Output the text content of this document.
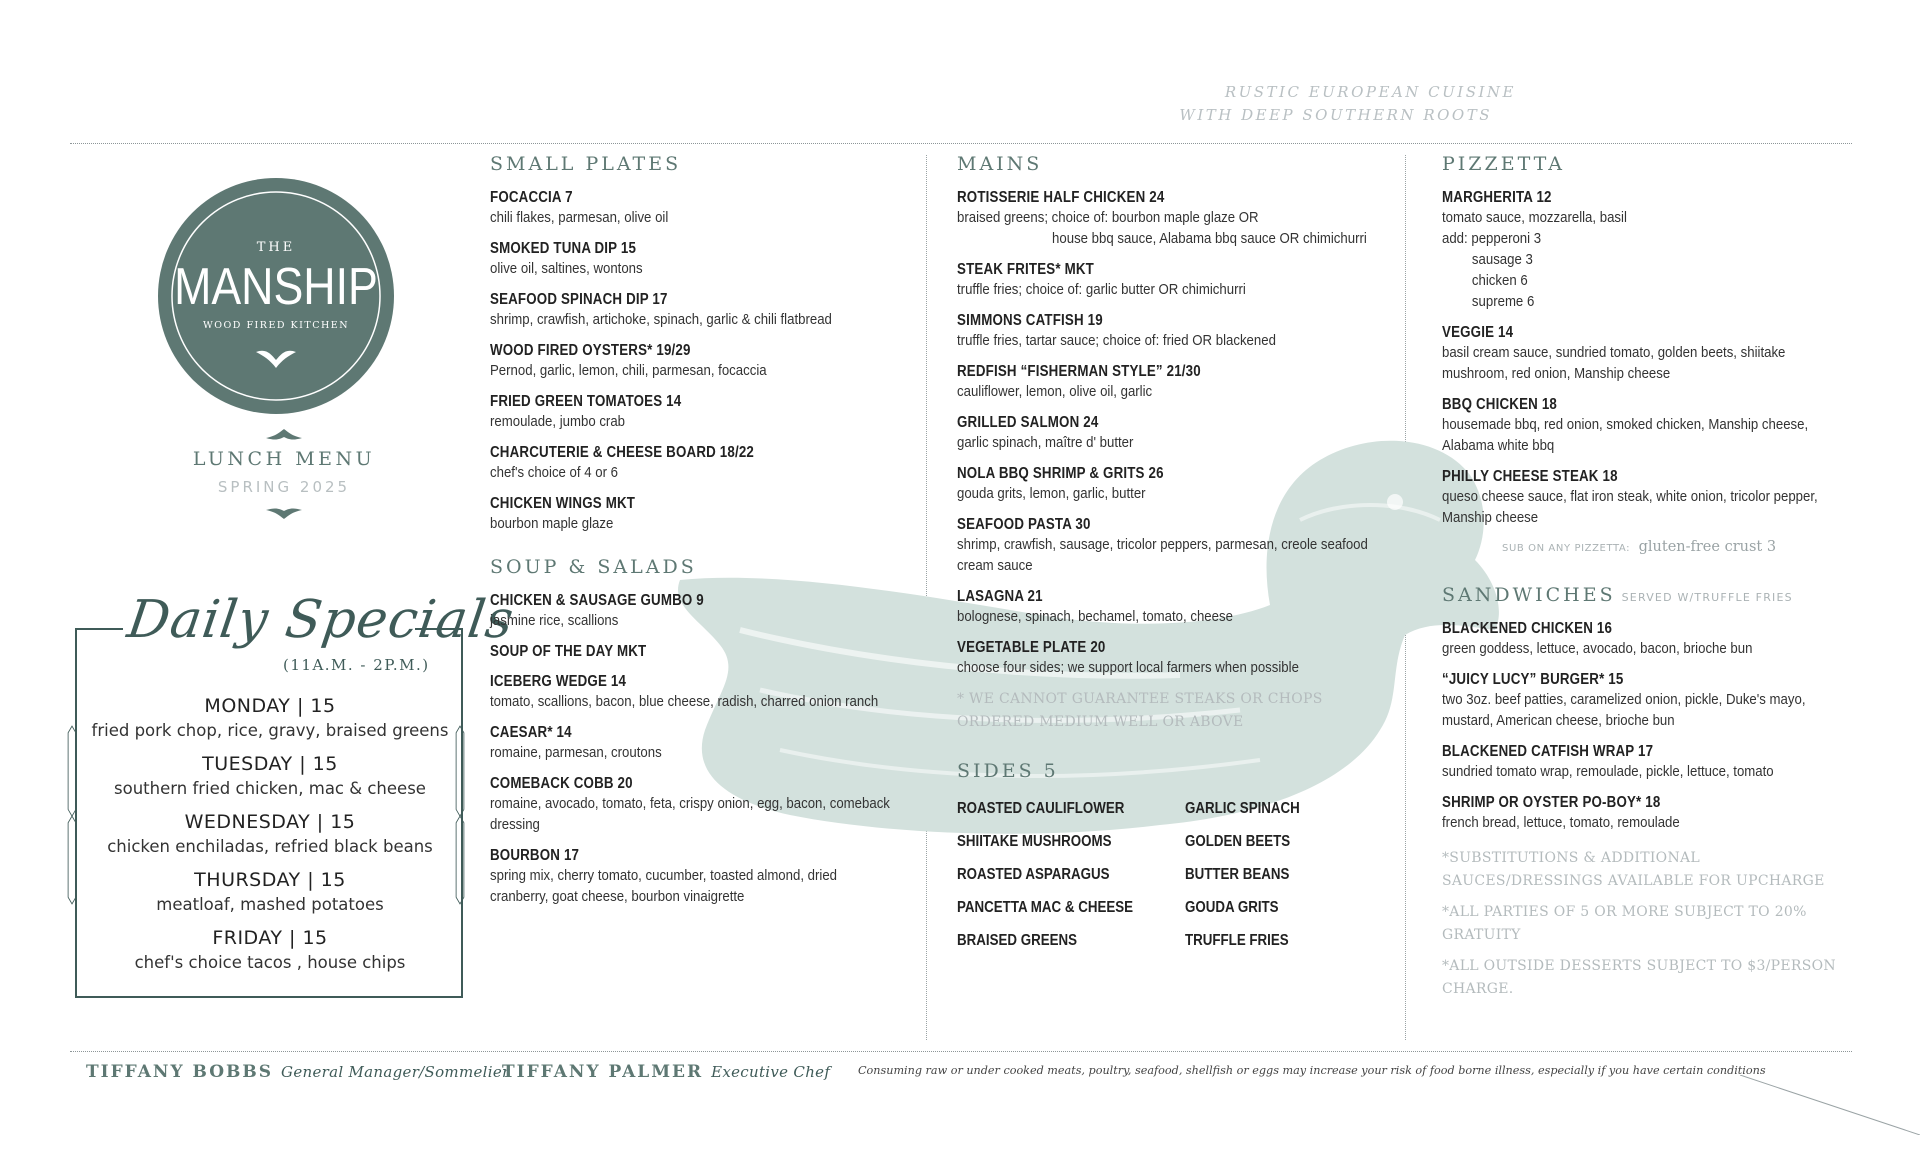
RUSTIC EUROPEAN CUISINE
WITH DEEP SOUTHERN ROOTS
THE
MANSHIP
WOOD FIRED KITCHEN
LUNCH MENU
SPRING 2025
Daily Specials
(11A.M. - 2P.M.)
MONDAY | 15
fried pork chop, rice, gravy, braised greens
TUESDAY | 15
southern fried chicken, mac & cheese
WEDNESDAY | 15
chicken enchiladas, refried black beans
THURSDAY | 15
meatloaf, mashed potatoes
FRIDAY | 15
chef's choice tacos , house chips
SMALL PLATES
FOCACCIA 7
chili flakes, parmesan, olive oil
SMOKED TUNA DIP 15
olive oil, saltines, wontons
SEAFOOD SPINACH DIP 17
shrimp, crawfish, artichoke, spinach, garlic & chili flatbread
WOOD FIRED OYSTERS* 19/29
Pernod, garlic, lemon, chili, parmesan, focaccia
FRIED GREEN TOMATOES 14
remoulade, jumbo crab
CHARCUTERIE & CHEESE BOARD 18/22
chef's choice of 4 or 6
CHICKEN WINGS MKT
bourbon maple glaze
SOUP & SALADS
CHICKEN & SAUSAGE GUMBO 9
jasmine rice, scallions
SOUP OF THE DAY MKT
ICEBERG WEDGE 14
tomato, scallions, bacon, blue cheese, radish, charred onion ranch
CAESAR* 14
romaine, parmesan, croutons
COMEBACK COBB 20
romaine, avocado, tomato, feta, crispy onion, egg, bacon, comeback dressing
BOURBON 17
spring mix, cherry tomato, cucumber, toasted almond, dried cranberry, goat cheese, bourbon vinaigrette
MAINS
ROTISSERIE HALF CHICKEN 24
braised greens; choice of: bourbon maple glaze OR
house bbq sauce, Alabama bbq sauce OR chimichurri
STEAK FRITES* MKT
truffle fries; choice of: garlic butter OR chimichurri
SIMMONS CATFISH 19
truffle fries, tartar sauce; choice of: fried OR blackened
REDFISH “FISHERMAN STYLE” 21/30
cauliflower, lemon, olive oil, garlic
GRILLED SALMON 24
garlic spinach, maître d' butter
NOLA BBQ SHRIMP & GRITS 26
gouda grits, lemon, garlic, butter
SEAFOOD PASTA 30
shrimp, crawfish, sausage, tricolor peppers, parmesan, creole seafood cream sauce
LASAGNA 21
bolognese, spinach, bechamel, tomato, cheese
VEGETABLE PLATE 20
choose four sides; we support local farmers when possible
* WE CANNOT GUARANTEE STEAKS OR CHOPS ORDERED MEDIUM WELL OR ABOVE
SIDES 5
ROASTED CAULIFLOWER	GARLIC SPINACH
SHIITAKE MUSHROOMS	GOLDEN BEETS
ROASTED ASPARAGUS	BUTTER BEANS
PANCETTA MAC & CHEESE	GOUDA GRITS
BRAISED GREENS	TRUFFLE FRIES
PIZZETTA
MARGHERITA 12
tomato sauce, mozzarella, basil
add: pepperoni 3
sausage 3
chicken 6
supreme 6
VEGGIE 14
basil cream sauce, sundried tomato, golden beets, shiitake mushroom, red onion, Manship cheese
BBQ CHICKEN 18
housemade bbq, red onion, smoked chicken, Manship cheese, Alabama white bbq
PHILLY CHEESE STEAK 18
queso cheese sauce, flat iron steak, white onion, tricolor pepper, Manship cheese
SUB ON ANY PIZZETTA: gluten-free crust 3
SANDWICHES SERVED W/TRUFFLE FRIES
BLACKENED CHICKEN 16
green goddess, lettuce, avocado, bacon, brioche bun
“JUICY LUCY” BURGER* 15
two 3oz. beef patties, caramelized onion, pickle, Duke's mayo, mustard, American cheese, brioche bun
BLACKENED CATFISH WRAP 17
sundried tomato wrap, remoulade, pickle, lettuce, tomato
SHRIMP OR OYSTER PO-BOY* 18
french bread, lettuce, tomato, remoulade
*SUBSTITUTIONS & ADDITIONAL SAUCES/DRESSINGS AVAILABLE FOR UPCHARGE
*ALL PARTIES OF 5 OR MORE SUBJECT TO 20% GRATUITY
*ALL OUTSIDE DESSERTS SUBJECT TO $3/PERSON CHARGE.
TIFFANY BOBBS General Manager/Sommelier
TIFFANY PALMER Executive Chef Consuming raw or under cooked meats, poultry, seafood, shellfish or eggs may increase your risk of food borne illness, especially if you have certain conditions
